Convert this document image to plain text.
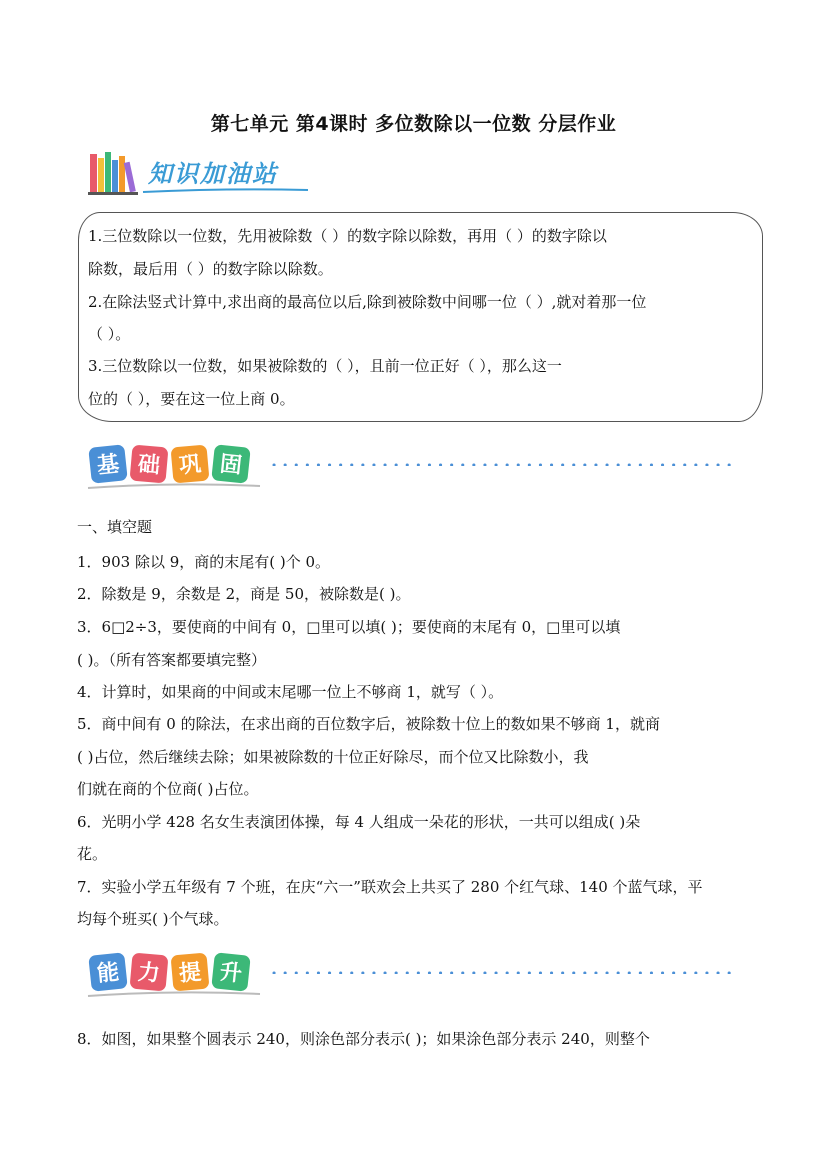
第七单元 第4课时 多位数除以一位数 分层作业
知识加油站
1.三位数除以一位数，先用被除数（ ）的数字除以除数，再用（ ）的数字除以
除数，最后用（ ）的数字除以除数。
2.在除法竖式计算中,求出商的最高位以后,除到被除数中间哪一位（ ）,就对着那一位
（ ）。
3.三位数除以一位数，如果被除数的（ ），且前一位正好（ ），那么这一
位的（ ），要在这一位上商 0。
基 础 巩 固
一、填空题
1．903 除以 9，商的末尾有( )个 0。
2．除数是 9，余数是 2，商是 50，被除数是( )。
3．6□2÷3，要使商的中间有 0，□里可以填( )；要使商的末尾有 0，□里可以填
( )。（所有答案都要填完整）
4．计算时，如果商的中间或末尾哪一位上不够商 1，就写（ ）。
5．商中间有 0 的除法，在求出商的百位数字后，被除数十位上的数如果不够商 1，就商
( )占位，然后继续去除；如果被除数的十位正好除尽，而个位又比除数小，我
们就在商的个位商( )占位。
6．光明小学 428 名女生表演团体操，每 4 人组成一朵花的形状，一共可以组成( )朵
花。
7．实验小学五年级有 7 个班，在庆“六一”联欢会上共买了 280 个红气球、140 个蓝气球，平
均每个班买( )个气球。
能 力 提 升
8．如图，如果整个圆表示 240，则涂色部分表示( )；如果涂色部分表示 240，则整个
